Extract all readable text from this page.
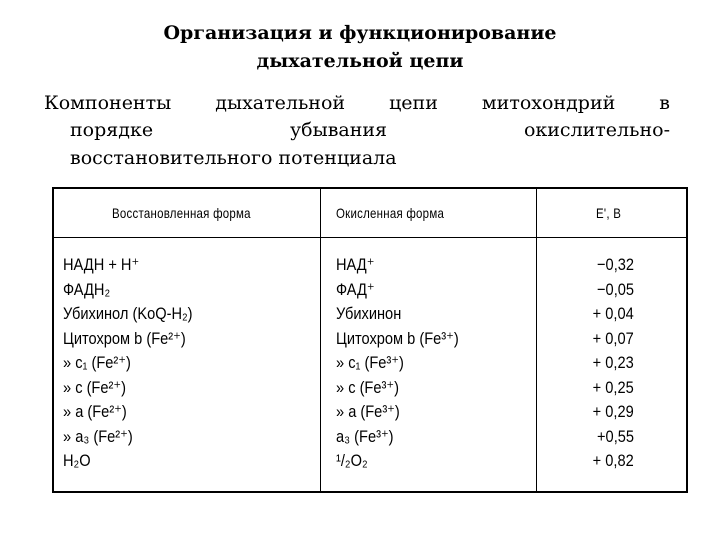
Организация и функционирование
дыхательной цепи
Компоненты дыхательной цепи митохондрий в
порядке убывания окислительно-
восстановительного потенциала
Восстановленная форма	Окисленная форма	E', В
НАДН + Н⁺	НАД⁺	−0,32
ФАДН₂	ФАД⁺	−0,05
Убихинол (KoQ-H₂)	Убихинон	+ 0,04
Цитохром b (Fe²⁺)	Цитохром b (Fe³⁺)	+ 0,07
» c₁ (Fe²⁺)	» c₁ (Fe³⁺)	+ 0,23
» c (Fe²⁺)	» c (Fe³⁺)	+ 0,25
» a (Fe²⁺)	» a (Fe³⁺)	+ 0,29
» a₃ (Fe²⁺)	a₃ (Fe³⁺)	+0,55
H₂O	¹/₂O₂	+ 0,82
